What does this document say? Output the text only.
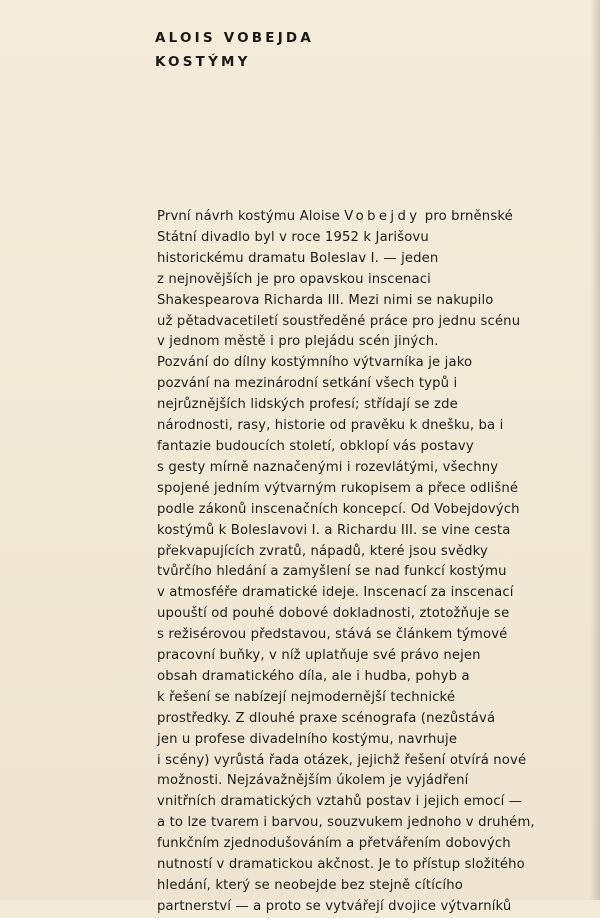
ALOIS VOBEJDA
KOSTÝMY
První návrh kostýmu Aloise Vobejdy pro brněnské
Státní divadlo byl v roce 1952 k Jarišovu
historickému dramatu Boleslav I. — jeden
z nejnovějších je pro opavskou inscenaci
Shakespearova Richarda III. Mezi nimi se nakupilo
už pětadvacetiletí soustředěné práce pro jednu scénu
v jednom městě i pro plejádu scén jiných.
Pozvání do dílny kostýmního výtvarníka je jako
pozvání na mezinárodní setkání všech typů i
nejrůznějších lidských profesí; střídají se zde
národnosti, rasy, historie od pravěku k dnešku, ba i
fantazie budoucích století, obklopí vás postavy
s gesty mírně naznačenými i rozevlátými, všechny
spojené jedním výtvarným rukopisem a přece odlišné
podle zákonů inscenačních koncepcí. Od Vobejdových
kostýmů k Boleslavovi I. a Richardu III. se vine cesta
překvapujících zvratů, nápadů, které jsou svědky
tvůrčího hledání a zamyšlení se nad funkcí kostýmu
v atmosféře dramatické ideje. Inscenací za inscenací
upouští od pouhé dobové dokladnosti, ztotožňuje se
s režisérovou představou, stává se článkem týmové
pracovní buňky, v níž uplatňuje své právo nejen
obsah dramatického díla, ale i hudba, pohyb a
k řešení se nabízejí nejmodernější technické
prostředky. Z dlouhé praxe scénografa (nezůstává
jen u profese divadelního kostýmu, navrhuje
i scény) vyrůstá řada otázek, jejichž řešení otvírá nové
možnosti. Nejzávažnějším úkolem je vyjádření
vnitřních dramatických vztahů postav i jejich emocí —
a to lze tvarem i barvou, souzvukem jednoho v druhém,
funkčním zjednodušováním a přetvářením dobových
nutností v dramatickou akčnost. Je to přístup složitého
hledání, který se neobejde bez stejně cítícího
partnerství — a proto se vytvářejí dvojice výtvarníků
